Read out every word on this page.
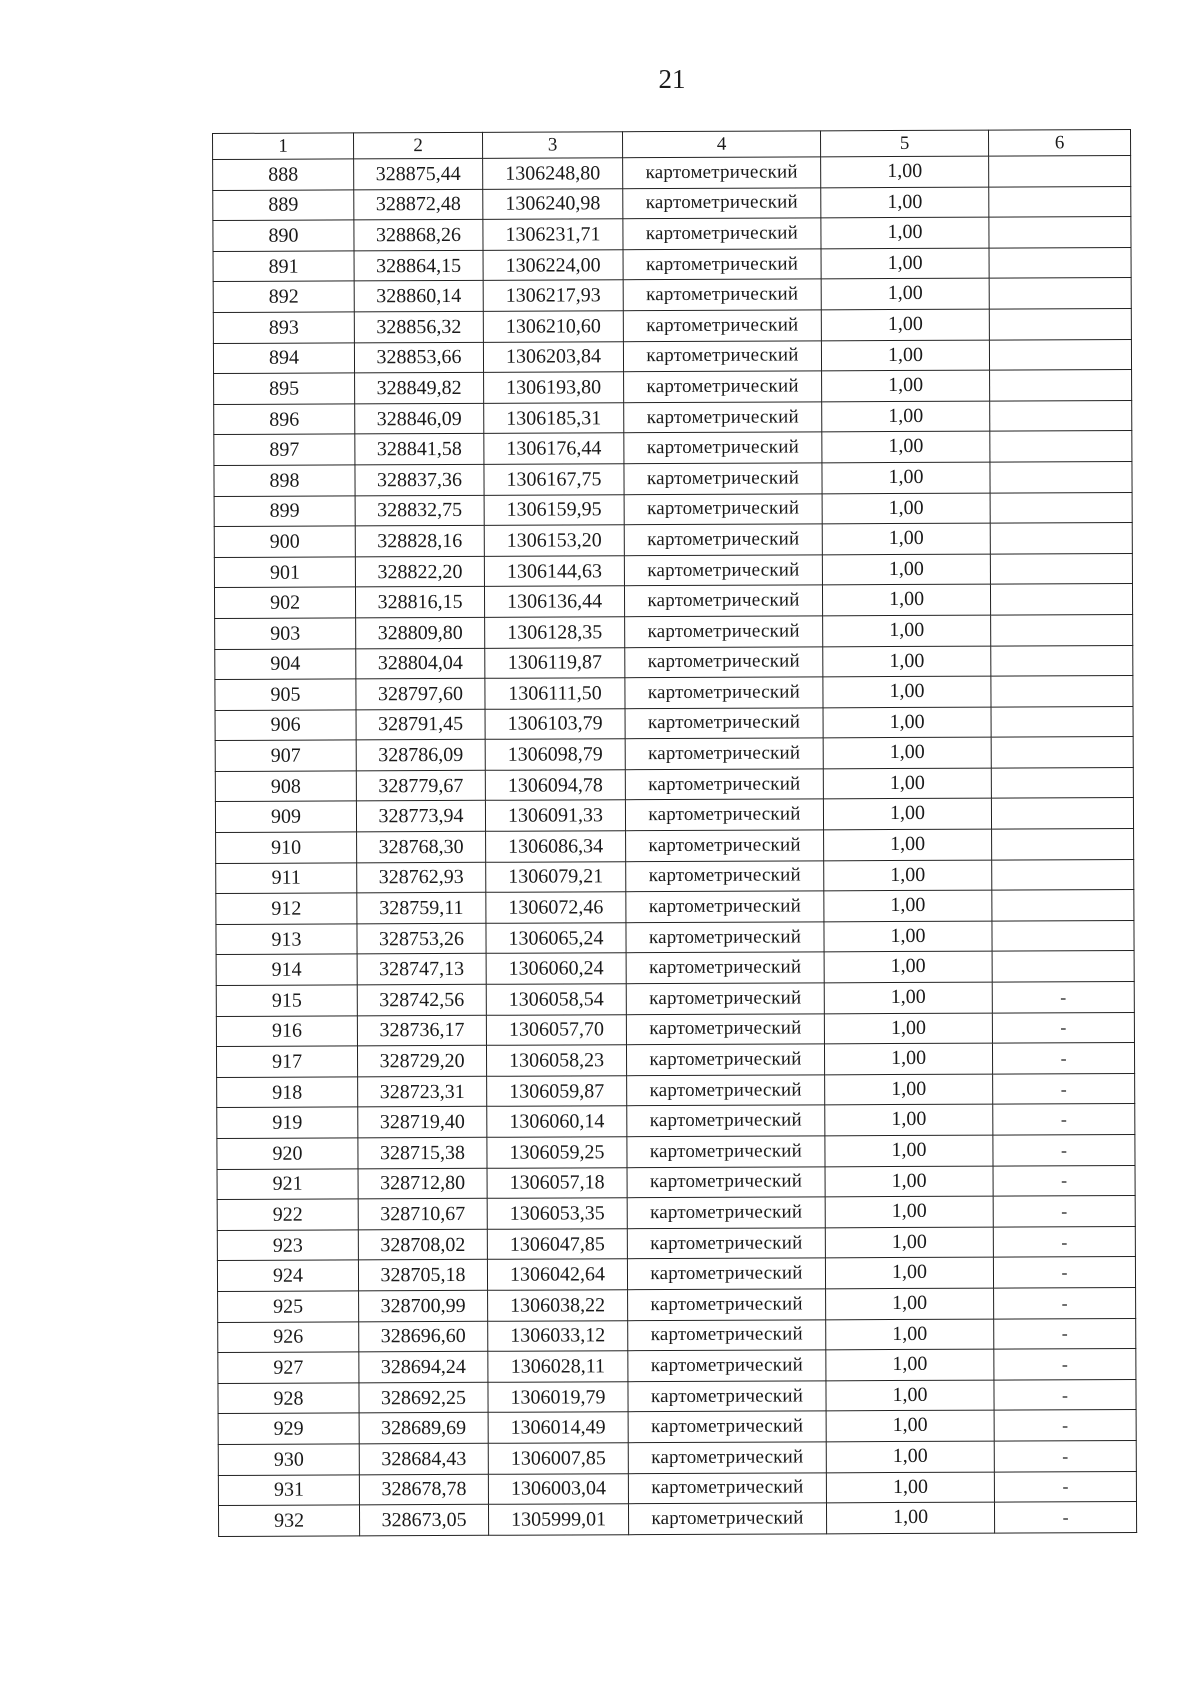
21
1	2	3	4	5	6
888	328875,44	1306248,80	картометрический	1,00	
889	328872,48	1306240,98	картометрический	1,00	
890	328868,26	1306231,71	картометрический	1,00	
891	328864,15	1306224,00	картометрический	1,00	
892	328860,14	1306217,93	картометрический	1,00	
893	328856,32	1306210,60	картометрический	1,00	
894	328853,66	1306203,84	картометрический	1,00	
895	328849,82	1306193,80	картометрический	1,00	
896	328846,09	1306185,31	картометрический	1,00	
897	328841,58	1306176,44	картометрический	1,00	
898	328837,36	1306167,75	картометрический	1,00	
899	328832,75	1306159,95	картометрический	1,00	
900	328828,16	1306153,20	картометрический	1,00	
901	328822,20	1306144,63	картометрический	1,00	
902	328816,15	1306136,44	картометрический	1,00	
903	328809,80	1306128,35	картометрический	1,00	
904	328804,04	1306119,87	картометрический	1,00	
905	328797,60	1306111,50	картометрический	1,00	
906	328791,45	1306103,79	картометрический	1,00	
907	328786,09	1306098,79	картометрический	1,00	
908	328779,67	1306094,78	картометрический	1,00	
909	328773,94	1306091,33	картометрический	1,00	
910	328768,30	1306086,34	картометрический	1,00	
911	328762,93	1306079,21	картометрический	1,00	
912	328759,11	1306072,46	картометрический	1,00	
913	328753,26	1306065,24	картометрический	1,00	
914	328747,13	1306060,24	картометрический	1,00	
915	328742,56	1306058,54	картометрический	1,00	-
916	328736,17	1306057,70	картометрический	1,00	-
917	328729,20	1306058,23	картометрический	1,00	-
918	328723,31	1306059,87	картометрический	1,00	-
919	328719,40	1306060,14	картометрический	1,00	-
920	328715,38	1306059,25	картометрический	1,00	-
921	328712,80	1306057,18	картометрический	1,00	-
922	328710,67	1306053,35	картометрический	1,00	-
923	328708,02	1306047,85	картометрический	1,00	-
924	328705,18	1306042,64	картометрический	1,00	-
925	328700,99	1306038,22	картометрический	1,00	-
926	328696,60	1306033,12	картометрический	1,00	-
927	328694,24	1306028,11	картометрический	1,00	-
928	328692,25	1306019,79	картометрический	1,00	-
929	328689,69	1306014,49	картометрический	1,00	-
930	328684,43	1306007,85	картометрический	1,00	-
931	328678,78	1306003,04	картометрический	1,00	-
932	328673,05	1305999,01	картометрический	1,00	-
